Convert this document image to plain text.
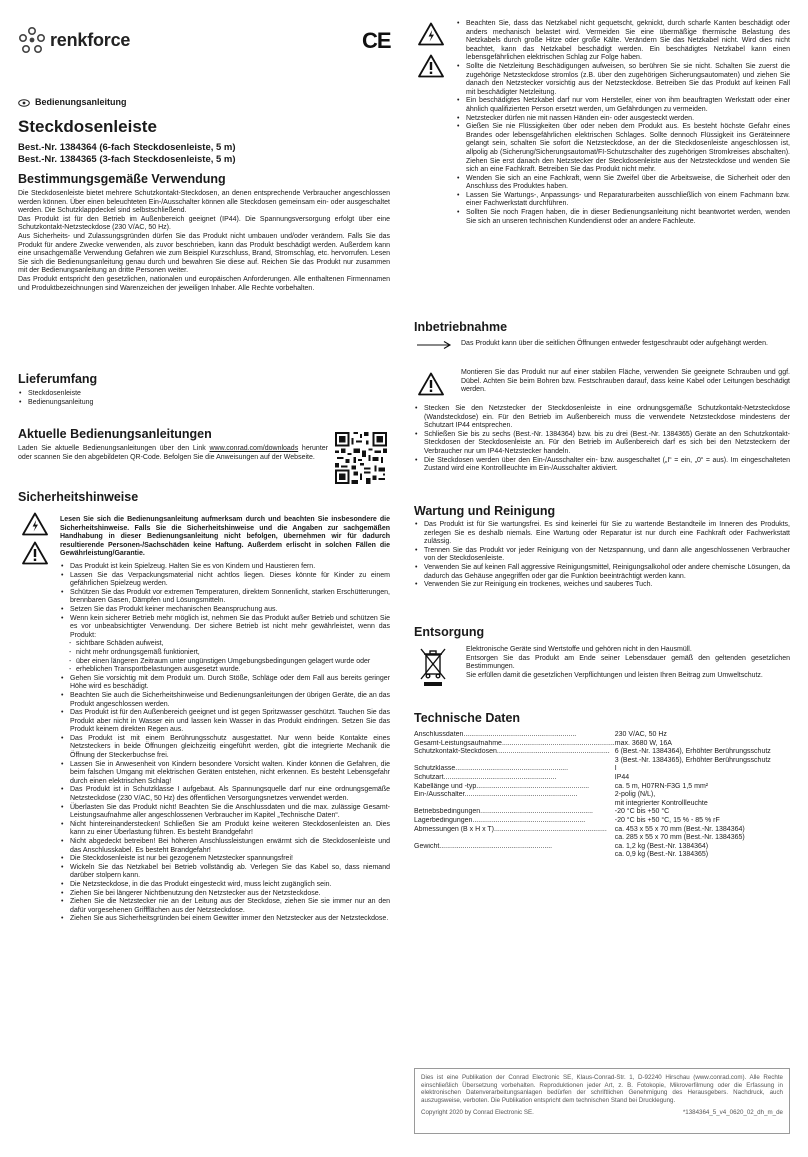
renkforce	CE
Bedienungsanleitung
Steckdosenleiste

Best.-Nr. 1384364 (6-fach Steckdosenleiste, 5 m)

Best.-Nr. 1384365 (3-fach Steckdosenleiste, 5 m)

Bestimmungsgemäße Verwendung

Die Steckdosenleiste bietet mehrere Schutzkontakt-Steckdosen, an denen entsprechende Verbraucher angeschlossen werden können. Über einen beleuchteten Ein-/Ausschalter können alle Steckdosen gemeinsam ein- oder ausgeschaltet werden. Die Schutzklappdeckel sind selbstschließend.

Das Produkt ist für den Betrieb im Außenbereich geeignet (IP44). Die Spannungsversorgung erfolgt über eine Schutzkontakt-Netzsteckdose (230 V/AC, 50 Hz).

Aus Sicherheits- und Zulassungsgründen dürfen Sie das Produkt nicht umbauen und/oder verändern. Falls Sie das Produkt für andere Zwecke verwenden, als zuvor beschrieben, kann das Produkt beschädigt werden. Außerdem kann eine unsachgemäße Verwendung Gefahren wie zum Beispiel Kurzschluss, Brand, Stromschlag, etc. hervorrufen. Lesen Sie sich die Bedienungsanleitung genau durch und bewahren Sie diese auf. Reichen Sie das Produkt nur zusammen mit der Bedienungsanleitung an dritte Personen weiter.

Das Produkt entspricht den gesetzlichen, nationalen und europäischen Anforderungen. Alle enthaltenen Firmennamen und Produktbezeichnungen sind Warenzeichen der jeweiligen Inhaber. Alle Rechte vorbehalten.

Lieferumfang
• Steckdosenleiste
• Bedienungsanleitung
Aktuelle Bedienungsanleitungen

Laden Sie aktuelle Bedienungsanleitungen über den Link www.conrad.com/downloads herunter oder scannen Sie den abgebildeten QR-Code. Befolgen Sie die Anweisungen auf der Webseite.

Sicherheitshinweise

Lesen Sie sich die Bedienungsanleitung aufmerksam durch und beachten Sie insbesondere die Sicherheitshinweise. Falls Sie die Sicherheitshinweise und die Angaben zur sachgemäßen Handhabung in dieser Bedienungsanleitung nicht befolgen, übernehmen wir für dadurch resultierende Personen-/Sachschäden keine Haftung. Außerdem erlischt in solchen Fällen die Gewährleistung/Garantie.

• Das Produkt ist kein Spielzeug. Halten Sie es von Kindern und Haustieren fern.
• Lassen Sie das Verpackungsmaterial nicht achtlos liegen. Dieses könnte für Kinder zu einem gefährlichen Spielzeug werden.
• Schützen Sie das Produkt vor extremen Temperaturen, direktem Sonnenlicht, starken Erschütterungen, brennbaren Gasen, Dämpfen und Lösungsmitteln.
• Setzen Sie das Produkt keiner mechanischen Beanspruchung aus.
• Wenn kein sicherer Betrieb mehr möglich ist, nehmen Sie das Produkt außer Betrieb und schützen Sie es vor unbeabsichtigter Verwendung. Der sichere Betrieb ist nicht mehr gewährleistet, wenn das Produkt:
- sichtbare Schäden aufweist,
- nicht mehr ordnungsgemäß funktioniert,
- über einen längeren Zeitraum unter ungünstigen Umgebungsbedingungen gelagert wurde oder
- erheblichen Transportbelastungen ausgesetzt wurde.
• Gehen Sie vorsichtig mit dem Produkt um. Durch Stöße, Schläge oder dem Fall aus bereits geringer Höhe wird es beschädigt.
• Beachten Sie auch die Sicherheitshinweise und Bedienungsanleitungen der übrigen Geräte, die an das Produkt angeschlossen werden.
• Das Produkt ist für den Außenbereich geeignet und ist gegen Spritzwasser geschützt. Tauchen Sie das Produkt aber nicht in Wasser ein und lassen kein Wasser in das Produkt eindringen. Setzen Sie das Produkt keinem direkten Regen aus.
• Das Produkt ist mit einem Berührungsschutz ausgestattet. Nur wenn beide Kontakte eines Netzsteckers in beide Öffnungen gleichzeitig eingeführt werden, gibt die integrierte Mechanik die Öffnung der Steckerbuchse frei.
• Lassen Sie in Anwesenheit von Kindern besondere Vorsicht walten. Kinder können die Gefahren, die beim falschen Umgang mit elektrischen Geräten entstehen, nicht erkennen. Es besteht Lebensgefahr durch einen elektrischen Schlag!
• Das Produkt ist in Schutzklasse I aufgebaut. Als Spannungsquelle darf nur eine ordnungsgemäße Netzsteckdose (230 V/AC, 50 Hz) des öffentlichen Versorgungsnetzes verwendet werden.
• Überlasten Sie das Produkt nicht! Beachten Sie die Anschlussdaten und die max. zulässige Gesamt-Leistungsaufnahme aller angeschlossenen Verbraucher im Kapitel „Technische Daten“.
• Nicht hintereinanderstecken! Schließen Sie am Produkt keine weiteren Steckdosenleisten an. Dies kann zu einer Überlastung führen. Es besteht Brandgefahr!
• Nicht abgedeckt betreiben! Bei höheren Anschlussleistungen erwärmt sich die Steckdosenleiste und das Anschlusskabel. Es besteht Brandgefahr!
• Die Steckdosenleiste ist nur bei gezogenem Netzstecker spannungsfrei!
• Wickeln Sie das Netzkabel bei Betrieb vollständig ab. Verlegen Sie das Kabel so, dass niemand darüber stolpern kann.
• Die Netzsteckdose, in die das Produkt eingesteckt wird, muss leicht zugänglich sein.
• Ziehen Sie bei längerer Nichtbenutzung den Netzstecker aus der Netzsteckdose.
• Ziehen Sie die Netzstecker nie an der Leitung aus der Steckdose, ziehen Sie sie immer nur an den dafür vorgesehenen Griffflächen aus der Netzsteckdose.
• Ziehen Sie aus Sicherheitsgründen bei einem Gewitter immer den Netzstecker aus der Netzsteckdose.
• Beachten Sie, dass das Netzkabel nicht gequetscht, geknickt, durch scharfe Kanten beschädigt oder anders mechanisch belastet wird. Vermeiden Sie eine übermäßige thermische Belastung des Netzkabels durch große Hitze oder große Kälte. Verändern Sie das Netzkabel nicht. Wird dies nicht beachtet, kann das Netzkabel beschädigt werden. Ein beschädigtes Netzkabel kann einen lebensgefährlichen elektrischen Schlag zur Folge haben.
• Sollte die Netzleitung Beschädigungen aufweisen, so berühren Sie sie nicht. Schalten Sie zuerst die zugehörige Netzsteckdose stromlos (z.B. über den zugehörigen Sicherungsautomaten) und ziehen Sie danach den Netzstecker vorsichtig aus der Netzsteckdose. Betreiben Sie das Produkt auf keinen Fall mit beschädigter Netzleitung.
• Ein beschädigtes Netzkabel darf nur vom Hersteller, einer von ihm beauftragten Werkstatt oder einer ähnlich qualifizierten Person ersetzt werden, um Gefährdungen zu vermeiden.
• Netzstecker dürfen nie mit nassen Händen ein- oder ausgesteckt werden.
• Gießen Sie nie Flüssigkeiten über oder neben dem Produkt aus. Es besteht höchste Gefahr eines Brandes oder lebensgefährlichen elektrischen Schlages. Sollte dennoch Flüssigkeit ins Geräteinnere gelangt sein, schalten Sie sofort die Netzsteckdose, an der die Steckdosenleiste angeschlossen ist, allpolig ab (Sicherung/Sicherungsautomat/FI-Schutzschalter des zugehörigen Stromkreises abschalten). Ziehen Sie erst danach den Netzstecker der Steckdosenleiste aus der Netzsteckdose und wenden Sie sich an eine Fachkraft. Betreiben Sie das Produkt nicht mehr.
• Wenden Sie sich an eine Fachkraft, wenn Sie Zweifel über die Arbeitsweise, die Sicherheit oder den Anschluss des Produktes haben.
• Lassen Sie Wartungs-, Anpassungs- und Reparaturarbeiten ausschließlich von einem Fachmann bzw. einer Fachwerkstatt durchführen.
• Sollten Sie noch Fragen haben, die in dieser Bedienungsanleitung nicht beantwortet werden, wenden Sie sich an unseren technischen Kundendienst oder an andere Fachleute.
Inbetriebnahme

Das Produkt kann über die seitlichen Öffnungen entweder festgeschraubt oder aufgehängt werden.

Montieren Sie das Produkt nur auf einer stabilen Fläche, verwenden Sie geeignete Schrauben und ggf. Dübel. Achten Sie beim Bohren bzw. Festschrauben darauf, dass keine Kabel oder Leitungen beschädigt werden.

• Stecken Sie den Netzstecker der Steckdosenleiste in eine ordnungsgemäße Schutzkontakt-Netzsteckdose (Wandsteckdose) ein. Für den Betrieb im Außenbereich muss die verwendete Netzsteckdose mindestens der Schutzart IP44 entsprechen.
• Schließen Sie bis zu sechs (Best.-Nr. 1384364) bzw. bis zu drei (Best.-Nr. 1384365) Geräte an den Schutzkontakt-Steckdosen der Steckdosenleiste an. Für den Betrieb im Außenbereich darf es sich bei den Netzsteckern der Verbraucher nur um IP44-Netzstecker handeln.
• Die Steckdosen werden über den Ein-/Ausschalter ein- bzw. ausgeschaltet („I“ = ein, „0“ = aus). Im eingeschalteten Zustand wird eine Kontrollleuchte im Ein-/Ausschalter aktiviert.
Wartung und Reinigung
• Das Produkt ist für Sie wartungsfrei. Es sind keinerlei für Sie zu wartende Bestandteile im Inneren des Produkts, zerlegen Sie es deshalb niemals. Eine Wartung oder Reparatur ist nur durch eine Fachkraft oder Fachwerkstatt zulässig.
• Trennen Sie das Produkt vor jeder Reinigung von der Netzspannung, und dann alle angeschlossenen Verbraucher von der Steckdosenleiste.
• Verwenden Sie auf keinen Fall aggressive Reinigungsmittel, Reinigungsalkohol oder andere chemische Lösungen, da dadurch das Gehäuse angegriffen oder gar die Funktion beeinträchtigt werden kann.
• Verwenden Sie zur Reinigung ein trockenes, weiches und sauberes Tuch.
Entsorgung

Elektronische Geräte sind Wertstoffe und gehören nicht in den Hausmüll.

Entsorgen Sie das Produkt am Ende seiner Lebensdauer gemäß den geltenden gesetzlichen Bestimmungen.

Sie erfüllen damit die gesetzlichen Verpflichtungen und leisten Ihren Beitrag zum Umweltschutz.

Technische Daten
Anschlussdaten..........................................................	230 V/AC, 50 Hz
Gesamt-Leistungsaufnahme..........................................................	max. 3680 W, 16A
Schutzkontakt-Steckdosen..........................................................	6 (Best.-Nr. 1384364), Erhöhter Berührungsschutz
	3 (Best.-Nr. 1384365), Erhöhter Berührungsschutz
Schutzklasse..........................................................	I
Schutzart..........................................................	IP44
Kabellänge und -typ..........................................................	ca. 5 m, H07RN-F3G 1,5 mm²
Ein-/Ausschalter..........................................................	2-polig (N/L),
	mit integrierter Kontrollleuchte
Betriebsbedingungen..........................................................	-20 °C bis +50 °C
Lagerbedingungen..........................................................	-20 °C bis +50 °C, 15 % - 85 % rF
Abmessungen (B x H x T)..........................................................	ca. 453 x 55 x 70 mm (Best.-Nr. 1384364)
	ca. 285 x 55 x 70 mm (Best.-Nr. 1384365)
Gewicht..........................................................	ca. 1,2 kg (Best.-Nr. 1384364)
	ca. 0,9 kg (Best.-Nr. 1384365)

Dies ist eine Publikation der Conrad Electronic SE, Klaus-Conrad-Str. 1, D-92240 Hirschau (www.conrad.com). Alle Rechte einschließlich Übersetzung vorbehalten. Reproduktionen jeder Art, z. B. Fotokopie, Mikroverfilmung oder die Erfassung in elektronischen Datenverarbeitungsanlagen bedürfen der schriftlichen Genehmigung des Herausgebers. Nachdruck, auch auszugsweise, verboten. Die Publikation entspricht dem technischen Stand bei Drucklegung.

Copyright 2020 by Conrad Electronic SE.	*1384364_5_v4_0620_02_dh_m_de
